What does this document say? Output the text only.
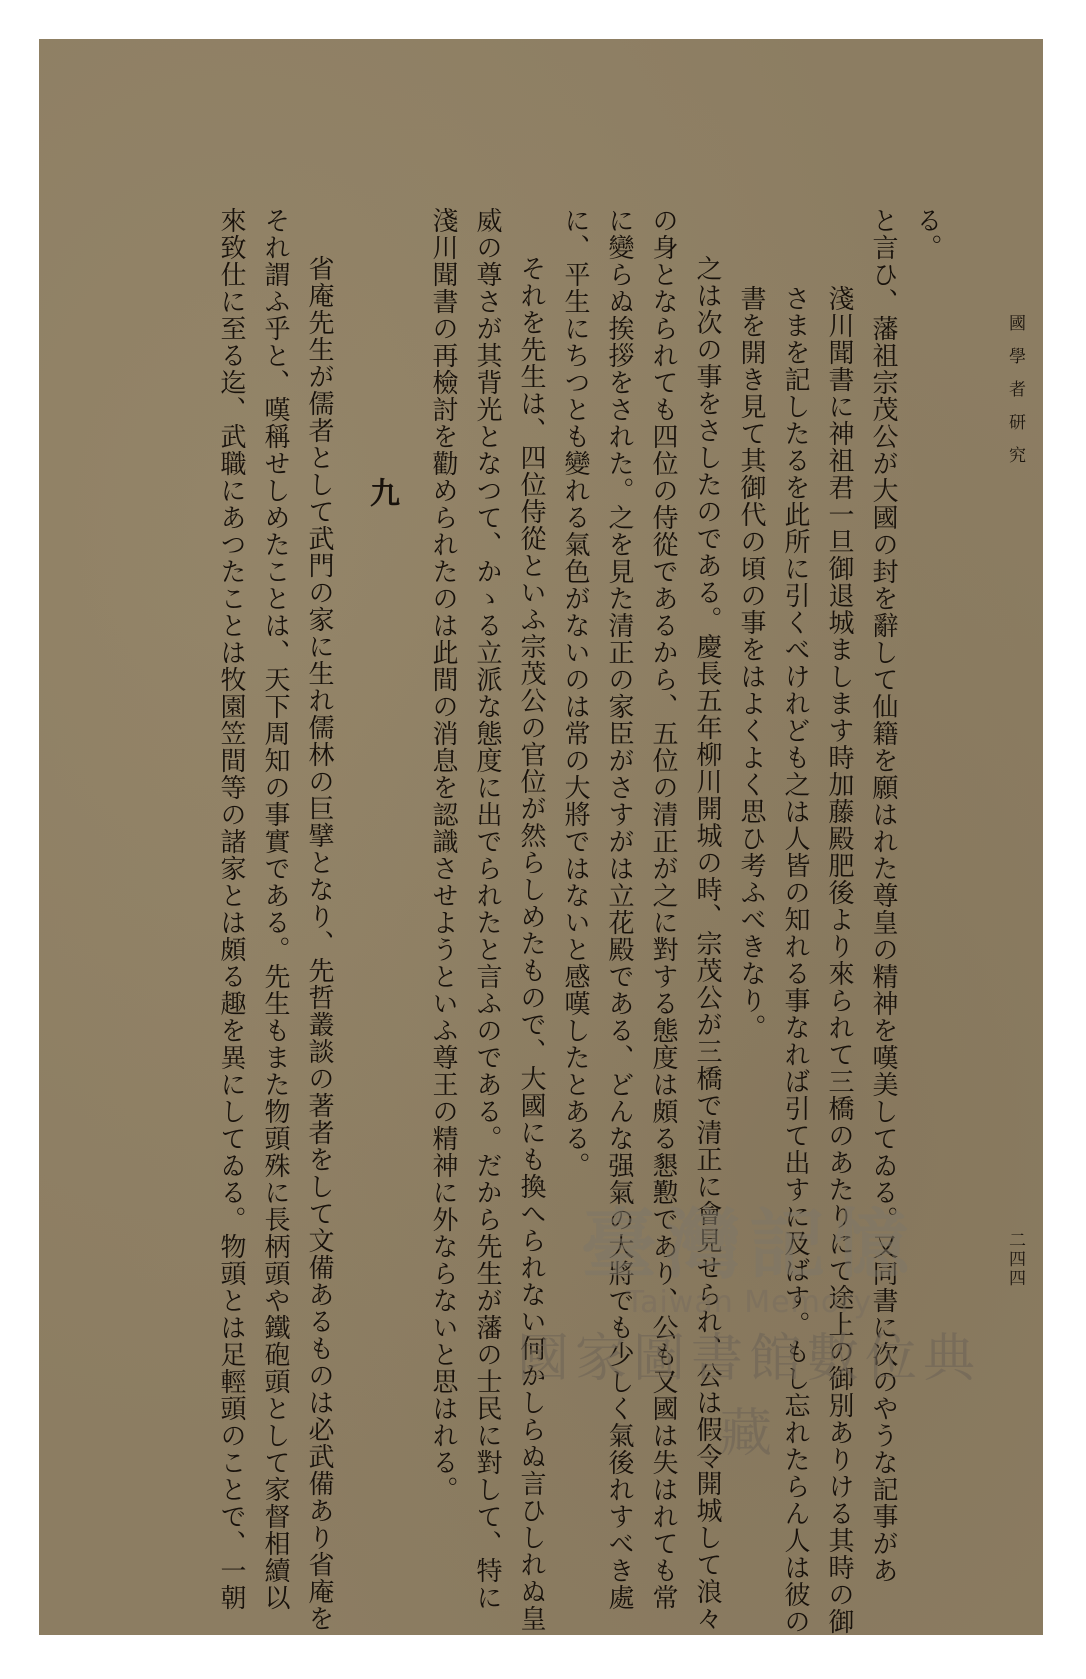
國學者研究
二四四

る。

と言ひ、藩祖宗茂公が大國の封を辭して仙籍を願はれた尊皇の精神を嘆美してゐる。又同書に次のやうな記事があ

淺川聞書に神祖君一旦御退城まします時加藤殿肥後より來られて三橋のあたりにて途上の御別ありける其時の御

さまを記したるを此所に引くべけれども之は人皆の知れる事なれば引て出すに及ばす。もし忘れたらん人は彼の

書を開き見て其御代の頃の事をはよくよく思ひ考ふべきなり。

之は次の事をさしたのである。慶長五年柳川開城の時、宗茂公が三橋で清正に會見せられ、公は假令開城して浪々

の身となられても四位の侍從であるから、五位の清正が之に對する態度は頗る懇懃であり、公も又國は失はれても常

に變らぬ挨拶をされた。之を見た清正の家臣がさすがは立花殿である、どんな强氣の大將でも少しく氣後れすべき處

に、平生にちつとも變れる氣色がないのは常の大將ではないと感嘆したとある。

それを先生は、四位侍從といふ宗茂公の官位が然らしめたもので、大國にも換へられない何かしらぬ言ひしれぬ皇

威の尊さが其背光となつて、かゝる立派な態度に出でられたと言ふのである。だから先生が藩の士民に對して、特に

淺川聞書の再檢討を勸められたのは此間の消息を認識させようといふ尊王の精神に外ならないと思はれる。

九

省庵先生が儒者として武門の家に生れ儒林の巨擘となり、先哲叢談の著者をして文備あるものは必武備あり省庵を

それ謂ふ乎と、嘆稱せしめたことは、天下周知の事實である。先生もまた物頭殊に長柄頭や鐵砲頭として家督相續以

來致仕に至る迄、武職にあつたことは牧園笠間等の諸家とは頗る趣を異にしてゐる。物頭とは足輕頭のことで、一朝	臺灣記憶
Taiwan Memory
國家圖書館數位典藏
